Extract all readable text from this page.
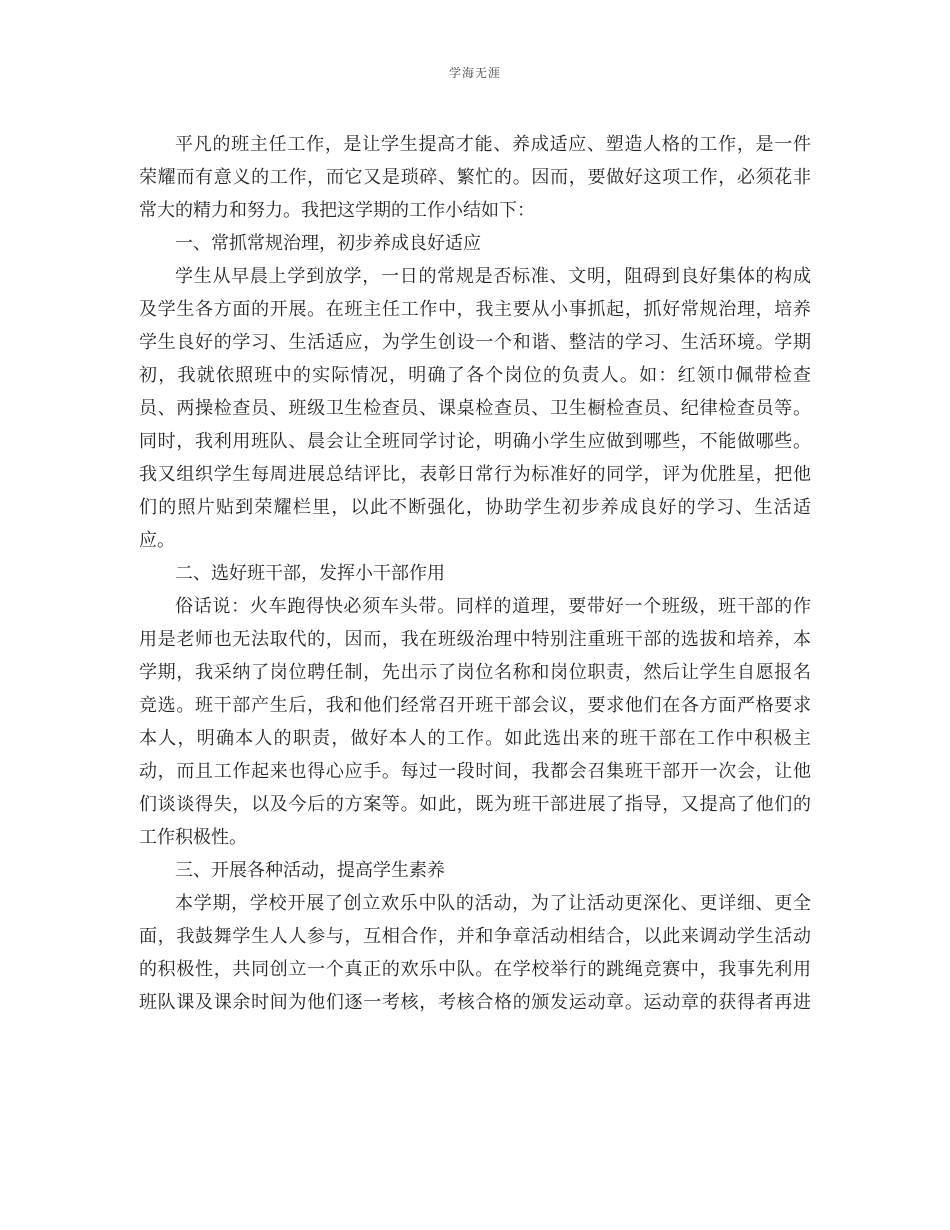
学海无涯
平凡的班主任工作，是让学生提高才能、养成适应、塑造人格的工作，是一件
荣耀而有意义的工作，而它又是琐碎、繁忙的。因而，要做好这项工作，必须花非
常大的精力和努力。我把这学期的工作小结如下：
一、常抓常规治理，初步养成良好适应
学生从早晨上学到放学，一日的常规是否标准、文明，阻碍到良好集体的构成
及学生各方面的开展。在班主任工作中，我主要从小事抓起，抓好常规治理，培养
学生良好的学习、生活适应，为学生创设一个和谐、整洁的学习、生活环境。学期
初，我就依照班中的实际情况，明确了各个岗位的负责人。如：红领巾佩带检查
员、两操检查员、班级卫生检查员、课桌检查员、卫生橱检查员、纪律检查员等。
同时，我利用班队、晨会让全班同学讨论，明确小学生应做到哪些，不能做哪些。
我又组织学生每周进展总结评比，表彰日常行为标准好的同学，评为优胜星，把他
们的照片贴到荣耀栏里，以此不断强化，协助学生初步养成良好的学习、生活适
应。
二、选好班干部，发挥小干部作用
俗话说：火车跑得快必须车头带。同样的道理，要带好一个班级，班干部的作
用是老师也无法取代的，因而，我在班级治理中特别注重班干部的选拔和培养，本
学期，我采纳了岗位聘任制，先出示了岗位名称和岗位职责，然后让学生自愿报名
竞选。班干部产生后，我和他们经常召开班干部会议，要求他们在各方面严格要求
本人，明确本人的职责，做好本人的工作。如此选出来的班干部在工作中积极主
动，而且工作起来也得心应手。每过一段时间，我都会召集班干部开一次会，让他
们谈谈得失，以及今后的方案等。如此，既为班干部进展了指导，又提高了他们的
工作积极性。
三、开展各种活动，提高学生素养
本学期，学校开展了创立欢乐中队的活动，为了让活动更深化、更详细、更全
面，我鼓舞学生人人参与，互相合作，并和争章活动相结合，以此来调动学生活动
的积极性，共同创立一个真正的欢乐中队。在学校举行的跳绳竞赛中，我事先利用
班队课及课余时间为他们逐一考核，考核合格的颁发运动章。运动章的获得者再进
